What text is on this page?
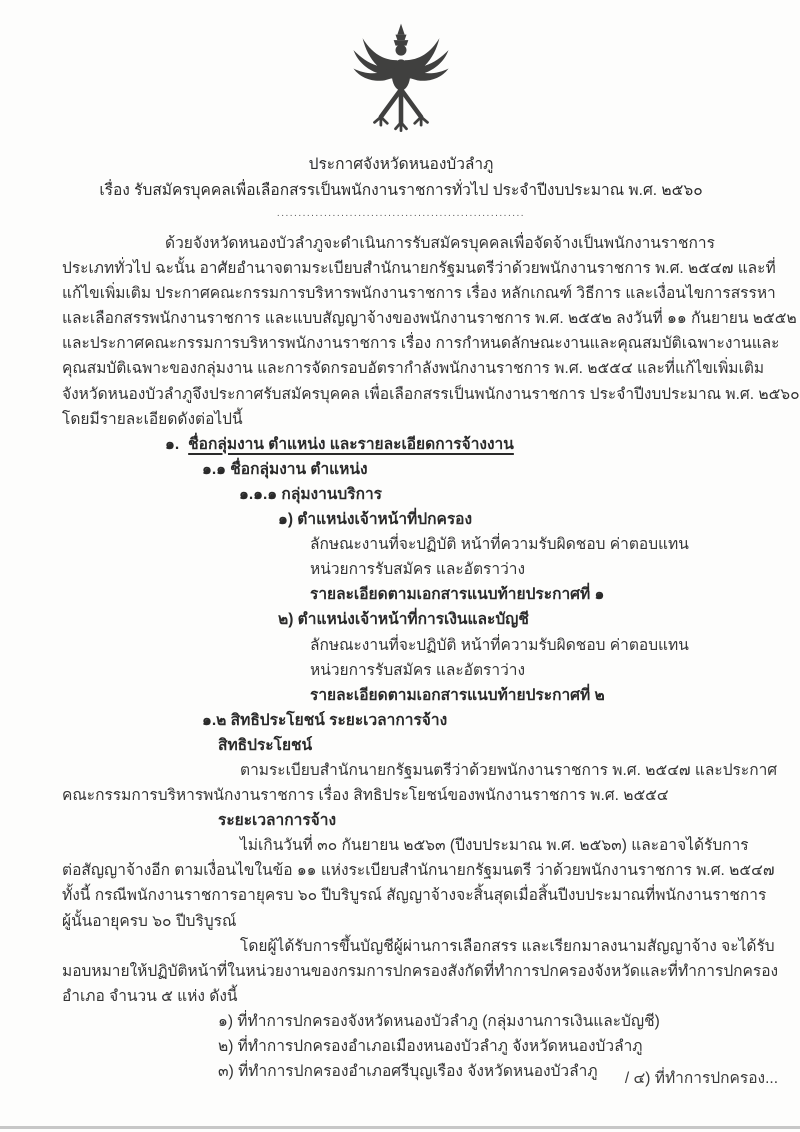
ประกาศจังหวัดหนองบัวลำภู
เรื่อง รับสมัครบุคคลเพื่อเลือกสรรเป็นพนักงานราชการทั่วไป ประจำปีงบประมาณ พ.ศ. ๒๕๖๐
..........................................................
ด้วยจังหวัดหนองบัวลำภูจะดำเนินการรับสมัครบุคคลเพื่อจัดจ้างเป็นพนักงานราชการ
ประเภททั่วไป ฉะนั้น อาศัยอำนาจตามระเบียบสำนักนายกรัฐมนตรีว่าด้วยพนักงานราชการ พ.ศ. ๒๕๔๗ และที่
แก้ไขเพิ่มเติม ประกาศคณะกรรมการบริหารพนักงานราชการ เรื่อง หลักเกณฑ์ วิธีการ และเงื่อนไขการสรรหา
และเลือกสรรพนักงานราชการ และแบบสัญญาจ้างของพนักงานราชการ พ.ศ. ๒๕๕๒ ลงวันที่ ๑๑ กันยายน ๒๕๕๒
และประกาศคณะกรรมการบริหารพนักงานราชการ เรื่อง การกำหนดลักษณะงานและคุณสมบัติเฉพาะงานและ
คุณสมบัติเฉพาะของกลุ่มงาน และการจัดกรอบอัตรากำลังพนักงานราชการ พ.ศ. ๒๕๕๔ และที่แก้ไขเพิ่มเติม
จังหวัดหนองบัวลำภูจึงประกาศรับสมัครบุคคล เพื่อเลือกสรรเป็นพนักงานราชการ ประจำปีงบประมาณ พ.ศ. ๒๕๖๐
โดยมีรายละเอียดดังต่อไปนี้
๑. ชื่อกลุ่มงาน ตำแหน่ง และรายละเอียดการจ้างงาน
๑.๑ ชื่อกลุ่มงาน ตำแหน่ง
๑.๑.๑ กลุ่มงานบริการ
๑) ตำแหน่งเจ้าหน้าที่ปกครอง
ลักษณะงานที่จะปฏิบัติ หน้าที่ความรับผิดชอบ ค่าตอบแทน
หน่วยการรับสมัคร และอัตราว่าง
รายละเอียดตามเอกสารแนบท้ายประกาศที่ ๑
๒) ตำแหน่งเจ้าหน้าที่การเงินและบัญชี
ลักษณะงานที่จะปฏิบัติ หน้าที่ความรับผิดชอบ ค่าตอบแทน
หน่วยการรับสมัคร และอัตราว่าง
รายละเอียดตามเอกสารแนบท้ายประกาศที่ ๒
๑.๒ สิทธิประโยชน์ ระยะเวลาการจ้าง
สิทธิประโยชน์
ตามระเบียบสำนักนายกรัฐมนตรีว่าด้วยพนักงานราชการ พ.ศ. ๒๕๔๗ และประกาศ
คณะกรรมการบริหารพนักงานราชการ เรื่อง สิทธิประโยชน์ของพนักงานราชการ พ.ศ. ๒๕๕๔
ระยะเวลาการจ้าง
ไม่เกินวันที่ ๓๐ กันยายน ๒๕๖๓ (ปีงบประมาณ พ.ศ. ๒๕๖๓) และอาจได้รับการ
ต่อสัญญาจ้างอีก ตามเงื่อนไขในข้อ ๑๑ แห่งระเบียบสำนักนายกรัฐมนตรี ว่าด้วยพนักงานราชการ พ.ศ. ๒๕๔๗
ทั้งนี้ กรณีพนักงานราชการอายุครบ ๖๐ ปีบริบูรณ์ สัญญาจ้างจะสิ้นสุดเมื่อสิ้นปีงบประมาณที่พนักงานราชการ
ผู้นั้นอายุครบ ๖๐ ปีบริบูรณ์
โดยผู้ได้รับการขึ้นบัญชีผู้ผ่านการเลือกสรร และเรียกมาลงนามสัญญาจ้าง จะได้รับ
มอบหมายให้ปฏิบัติหน้าที่ในหน่วยงานของกรมการปกครองสังกัดที่ทำการปกครองจังหวัดและที่ทำการปกครอง
อำเภอ จำนวน ๕ แห่ง ดังนี้
๑) ที่ทำการปกครองจังหวัดหนองบัวลำภู (กลุ่มงานการเงินและบัญชี)
๒) ที่ทำการปกครองอำเภอเมืองหนองบัวลำภู จังหวัดหนองบัวลำภู
๓) ที่ทำการปกครองอำเภอศรีบุญเรือง จังหวัดหนองบัวลำภู	/ ๔) ที่ทำการปกครอง...
